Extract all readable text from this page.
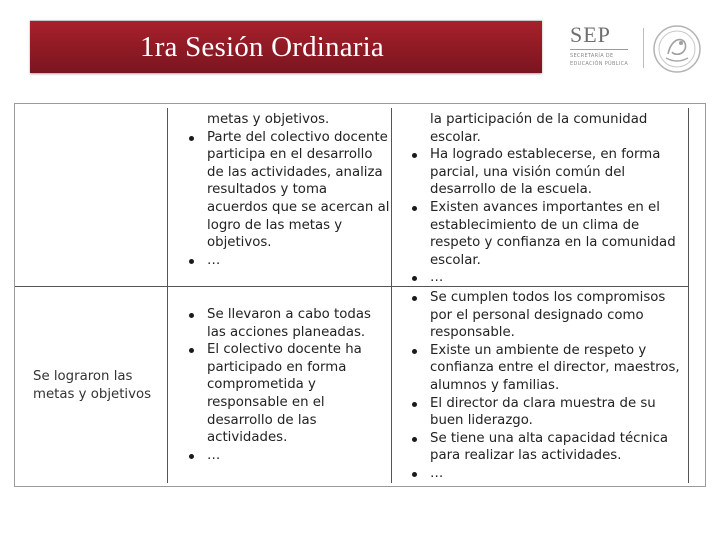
1ra Sesión Ordinaria	SEP
SECRETARÍA DE EDUCACIÓN PÚBLICA
metas y objetivos.
Parte del colectivo docente participa en el desarrollo de las actividades, analiza resultados y toma acuerdos que se acercan al logro de las metas y objetivos.
…
la participación de la comunidad escolar.
Ha logrado establecerse, en forma parcial, una visión común del desarrollo de la escuela.
Existen avances importantes en el establecimiento de un clima de respeto y confianza en la comunidad escolar.
…
Se lograron las metas y objetivos
Se llevaron a cabo todas las acciones planeadas.
El colectivo docente ha participado en forma comprometida y responsable en el desarrollo de las actividades.
…
Se cumplen todos los compromisos por el personal designado como responsable.
Existe un ambiente de respeto y confianza entre el director, maestros, alumnos y familias.
El director da clara muestra de su buen liderazgo.
Se tiene una alta capacidad técnica para realizar las actividades.
…
